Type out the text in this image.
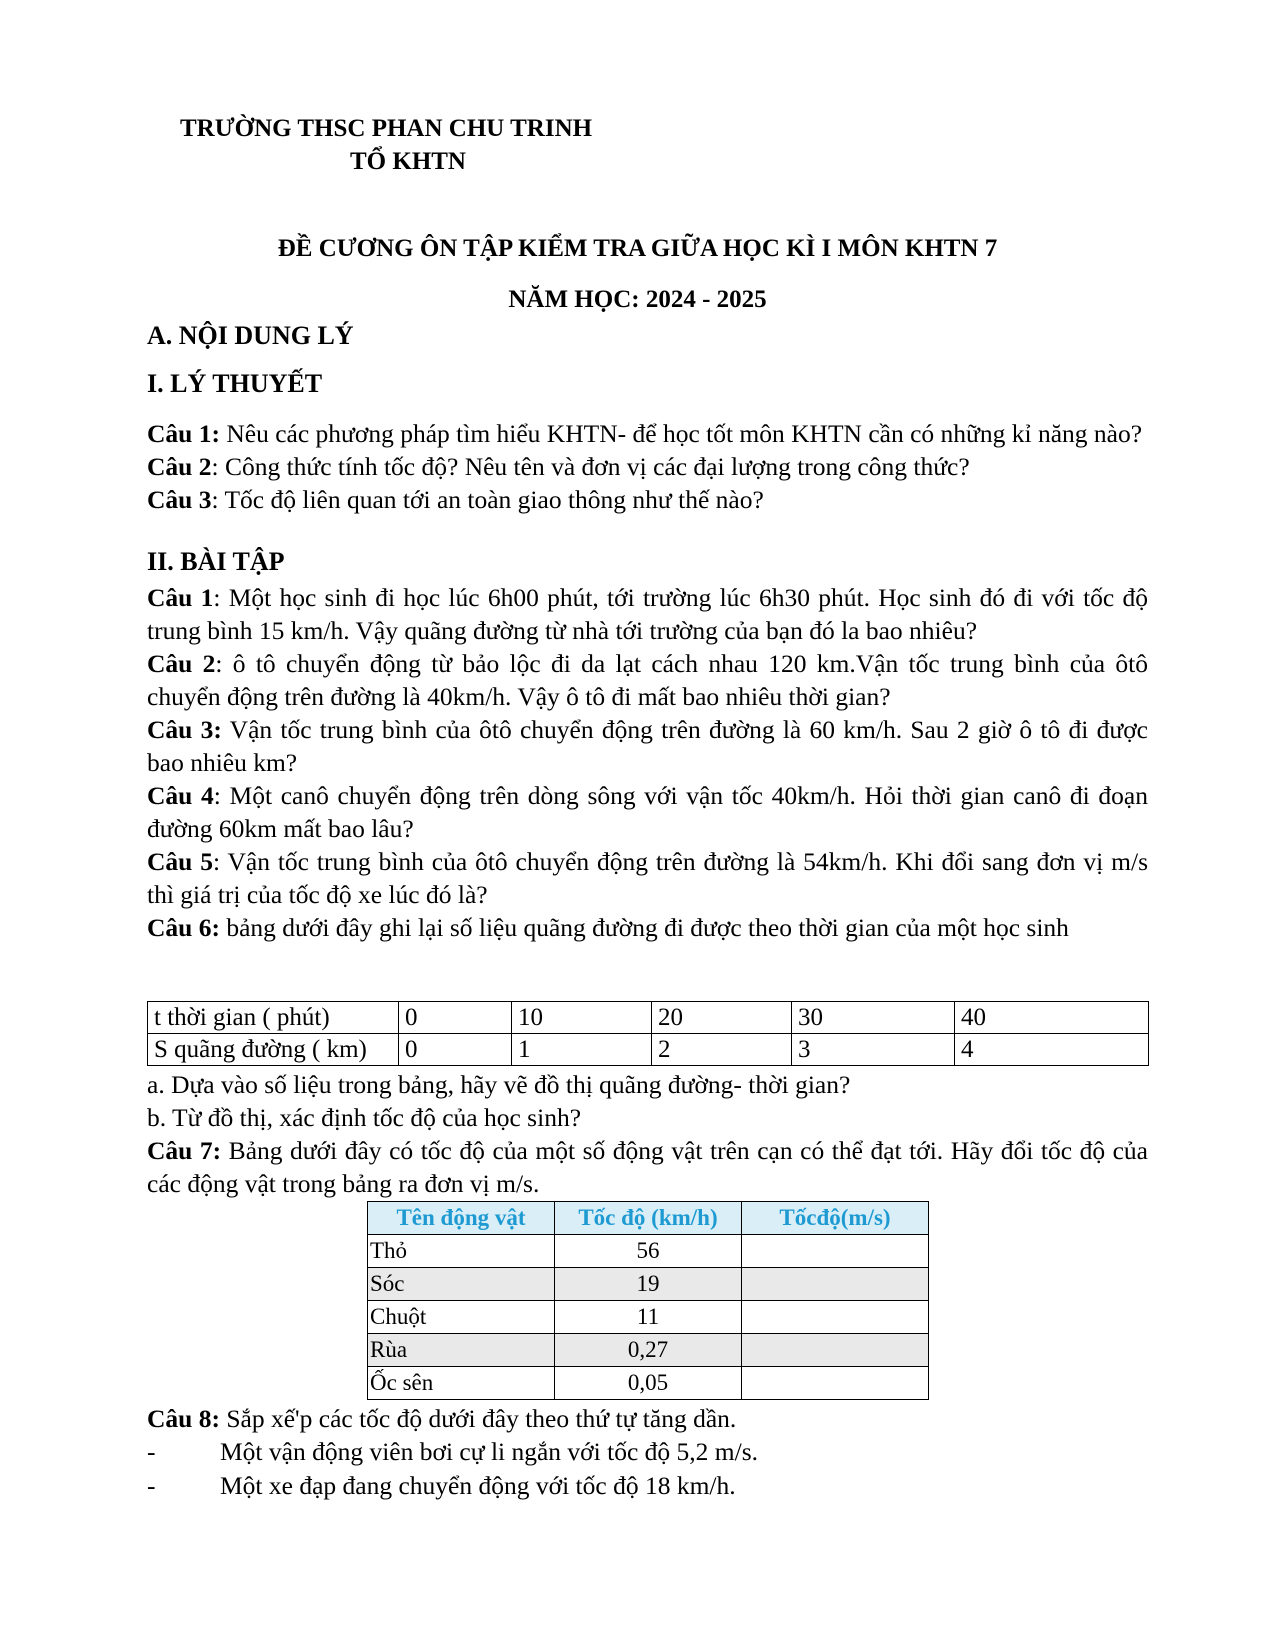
TRƯỜNG THSC PHAN CHU TRINH
TỔ KHTN
ĐỀ CƯƠNG ÔN TẬP KIỂM TRA GIỮA HỌC KÌ I MÔN KHTN 7
NĂM HỌC: 2024 - 2025
A. NỘI DUNG LÝ
I. LÝ THUYẾT

Câu 1: Nêu các phương pháp tìm hiểu KHTN- để học tốt môn KHTN cần có những kỉ năng nào?

Câu 2: Công thức tính tốc độ? Nêu tên và đơn vị các đại lượng trong công thức?

Câu 3: Tốc độ liên quan tới an toàn giao thông như thế nào?

II. BÀI TẬP

Câu 1: Một học sinh đi học lúc 6h00 phút, tới trường lúc 6h30 phút. Học sinh đó đi với tốc độ trung bình 15 km/h. Vậy quãng đường từ nhà tới trường của bạn đó la bao nhiêu?

Câu 2: ô tô chuyển động từ bảo lộc đi da lạt cách nhau 120 km.Vận tốc trung bình của ôtô chuyển động trên đường là 40km/h. Vậy ô tô đi mất bao nhiêu thời gian?

Câu 3: Vận tốc trung bình của ôtô chuyển động trên đường là 60 km/h. Sau 2 giờ ô tô đi được bao nhiêu km?

Câu 4: Một canô chuyển động trên dòng sông với vận tốc 40km/h. Hỏi thời gian canô đi đoạn đường 60km mất bao lâu?

Câu 5: Vận tốc trung bình của ôtô chuyển động trên đường là 54km/h. Khi đổi sang đơn vị m/s thì giá trị của tốc độ xe lúc đó là?

Câu 6: bảng dưới đây ghi lại số liệu quãng đường đi được theo thời gian của một học sinh

t thời gian ( phút)	0	10	20	30	40
S quãng đường ( km)	0	1	2	3	4

a. Dựa vào số liệu trong bảng, hãy vẽ đồ thị quãng đường- thời gian?

b. Từ đồ thị, xác định tốc độ của học sinh?

Câu 7: Bảng dưới đây có tốc độ của một số động vật trên cạn có thể đạt tới. Hãy đổi tốc độ của các động vật trong bảng ra đơn vị m/s.

Tên động vật	Tốc độ (km/h)	Tốcđộ(m/s)
Thỏ	56	
Sóc	19	
Chuột	11	
Rùa	0,27	
Ốc sên	0,05	

Câu 8: Sắp xế'p các tốc độ dưới đây theo thứ tự tăng dần.

-	Một vận động viên bơi cự li ngắn với tốc độ 5,2 m/s.
-	Một xe đạp đang chuyển động với tốc độ 18 km/h.
